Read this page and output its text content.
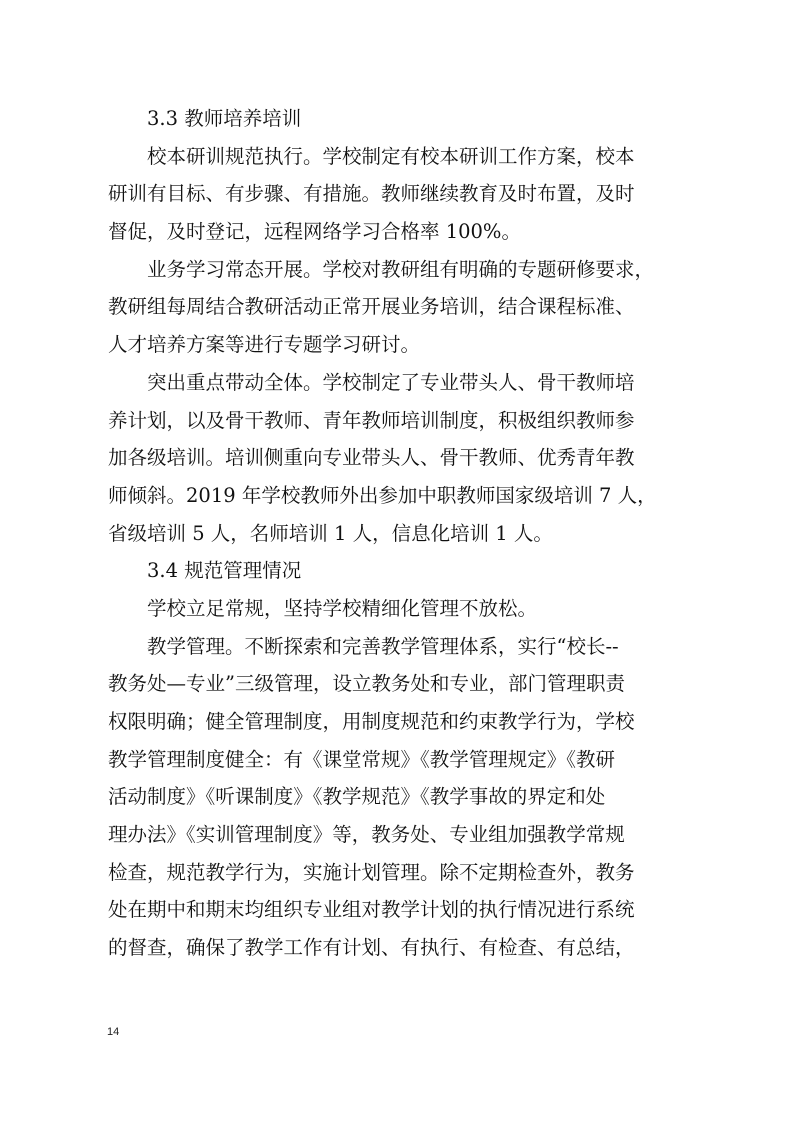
3.3 教师培养培训

校本研训规范执行。学校制定有校本研训工作方案，校本

研训有目标、有步骤、有措施。教师继续教育及时布置，及时

督促，及时登记，远程网络学习合格率 100%。

业务学习常态开展。学校对教研组有明确的专题研修要求，

教研组每周结合教研活动正常开展业务培训，结合课程标准、

人才培养方案等进行专题学习研讨。

突出重点带动全体。学校制定了专业带头人、骨干教师培

养计划，以及骨干教师、青年教师培训制度，积极组织教师参

加各级培训。培训侧重向专业带头人、骨干教师、优秀青年教

师倾斜。2019 年学校教师外出参加中职教师国家级培训 7 人，

省级培训 5 人，名师培训 1 人，信息化培训 1 人。

3.4 规范管理情况

学校立足常规，坚持学校精细化管理不放松。

教学管理。不断探索和完善教学管理体系，实行“校长--

教务处—专业”三级管理，设立教务处和专业，部门管理职责

权限明确；健全管理制度，用制度规范和约束教学行为，学校

教学管理制度健全：有《课堂常规》《教学管理规定》《教研

活动制度》《听课制度》《教学规范》《教学事故的界定和处

理办法》《实训管理制度》等，教务处、专业组加强教学常规

检查，规范教学行为，实施计划管理。除不定期检查外，教务

处在期中和期末均组织专业组对教学计划的执行情况进行系统

的督查，确保了教学工作有计划、有执行、有检查、有总结，

14
